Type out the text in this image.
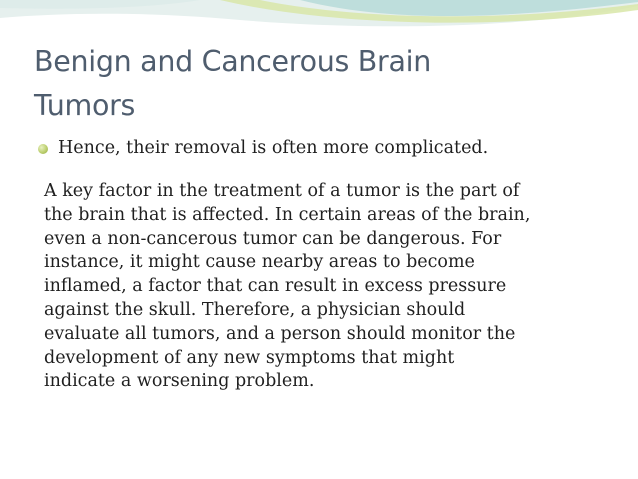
Benign and Cancerous Brain
Tumors
Hence, their removal is often more complicated.
A key factor in the treatment of a tumor is the part of
the brain that is affected. In certain areas of the brain,
even a non-cancerous tumor can be dangerous. For
instance, it might cause nearby areas to become
inflamed, a factor that can result in excess pressure
against the skull. Therefore, a physician should
evaluate all tumors, and a person should monitor the
development of any new symptoms that might
indicate a worsening problem.
